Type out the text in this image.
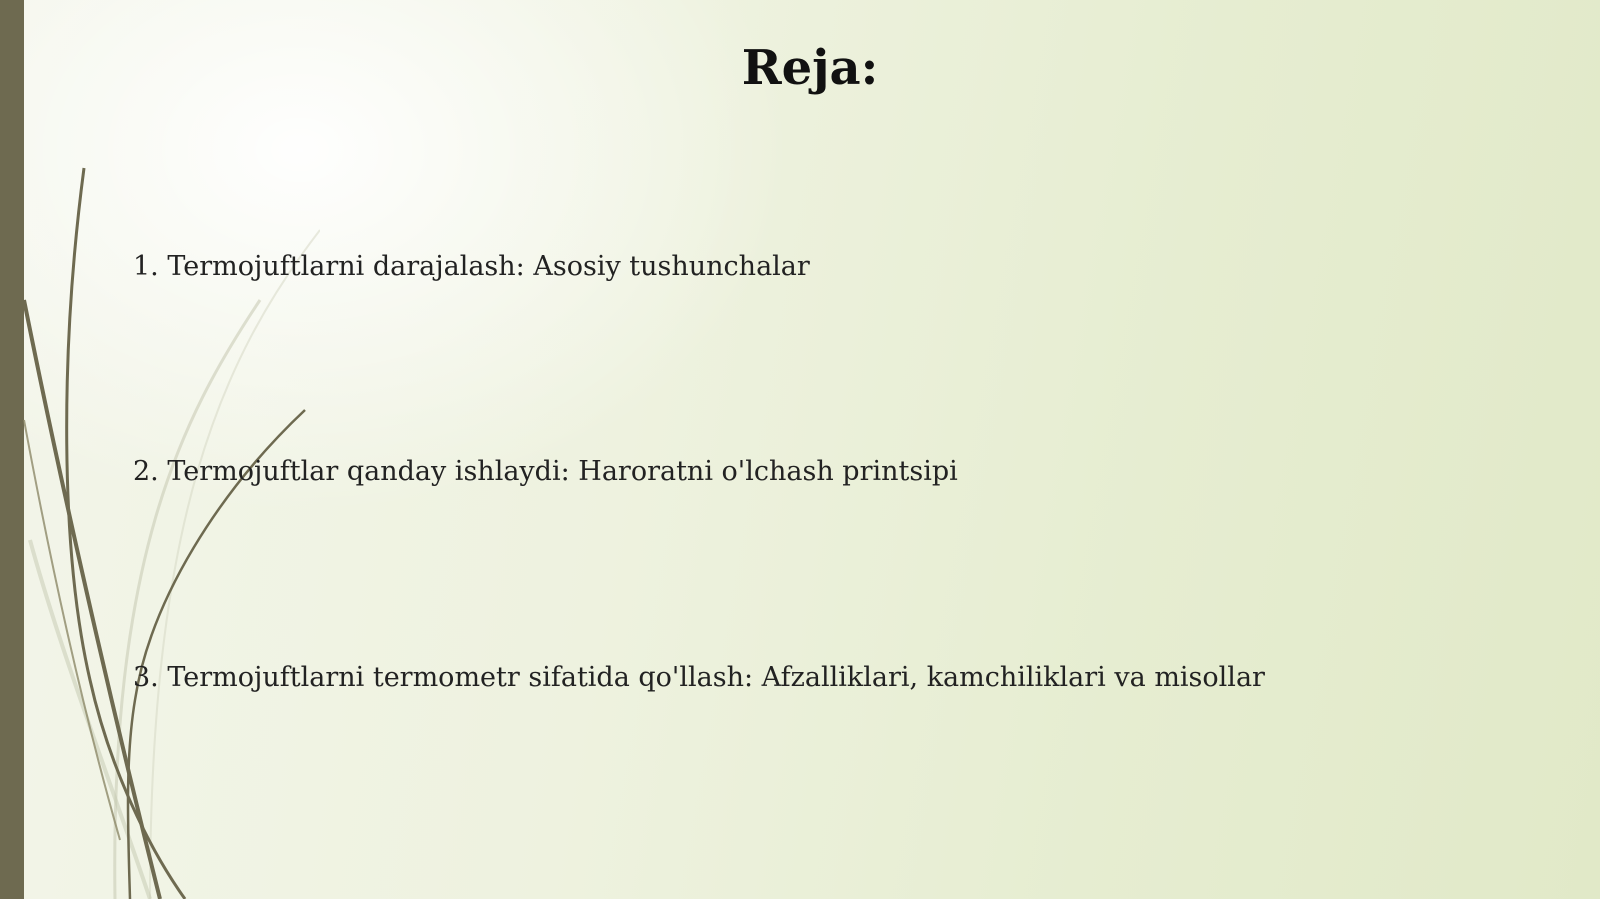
Reja:

1. Termojuftlarni darajalash: Asosiy tushunchalar

2. Termojuftlar qanday ishlaydi: Haroratni o'lchash printsipi

3. Termojuftlarni termometr sifatida qo'llash: Afzalliklari, kamchiliklari va misollar
